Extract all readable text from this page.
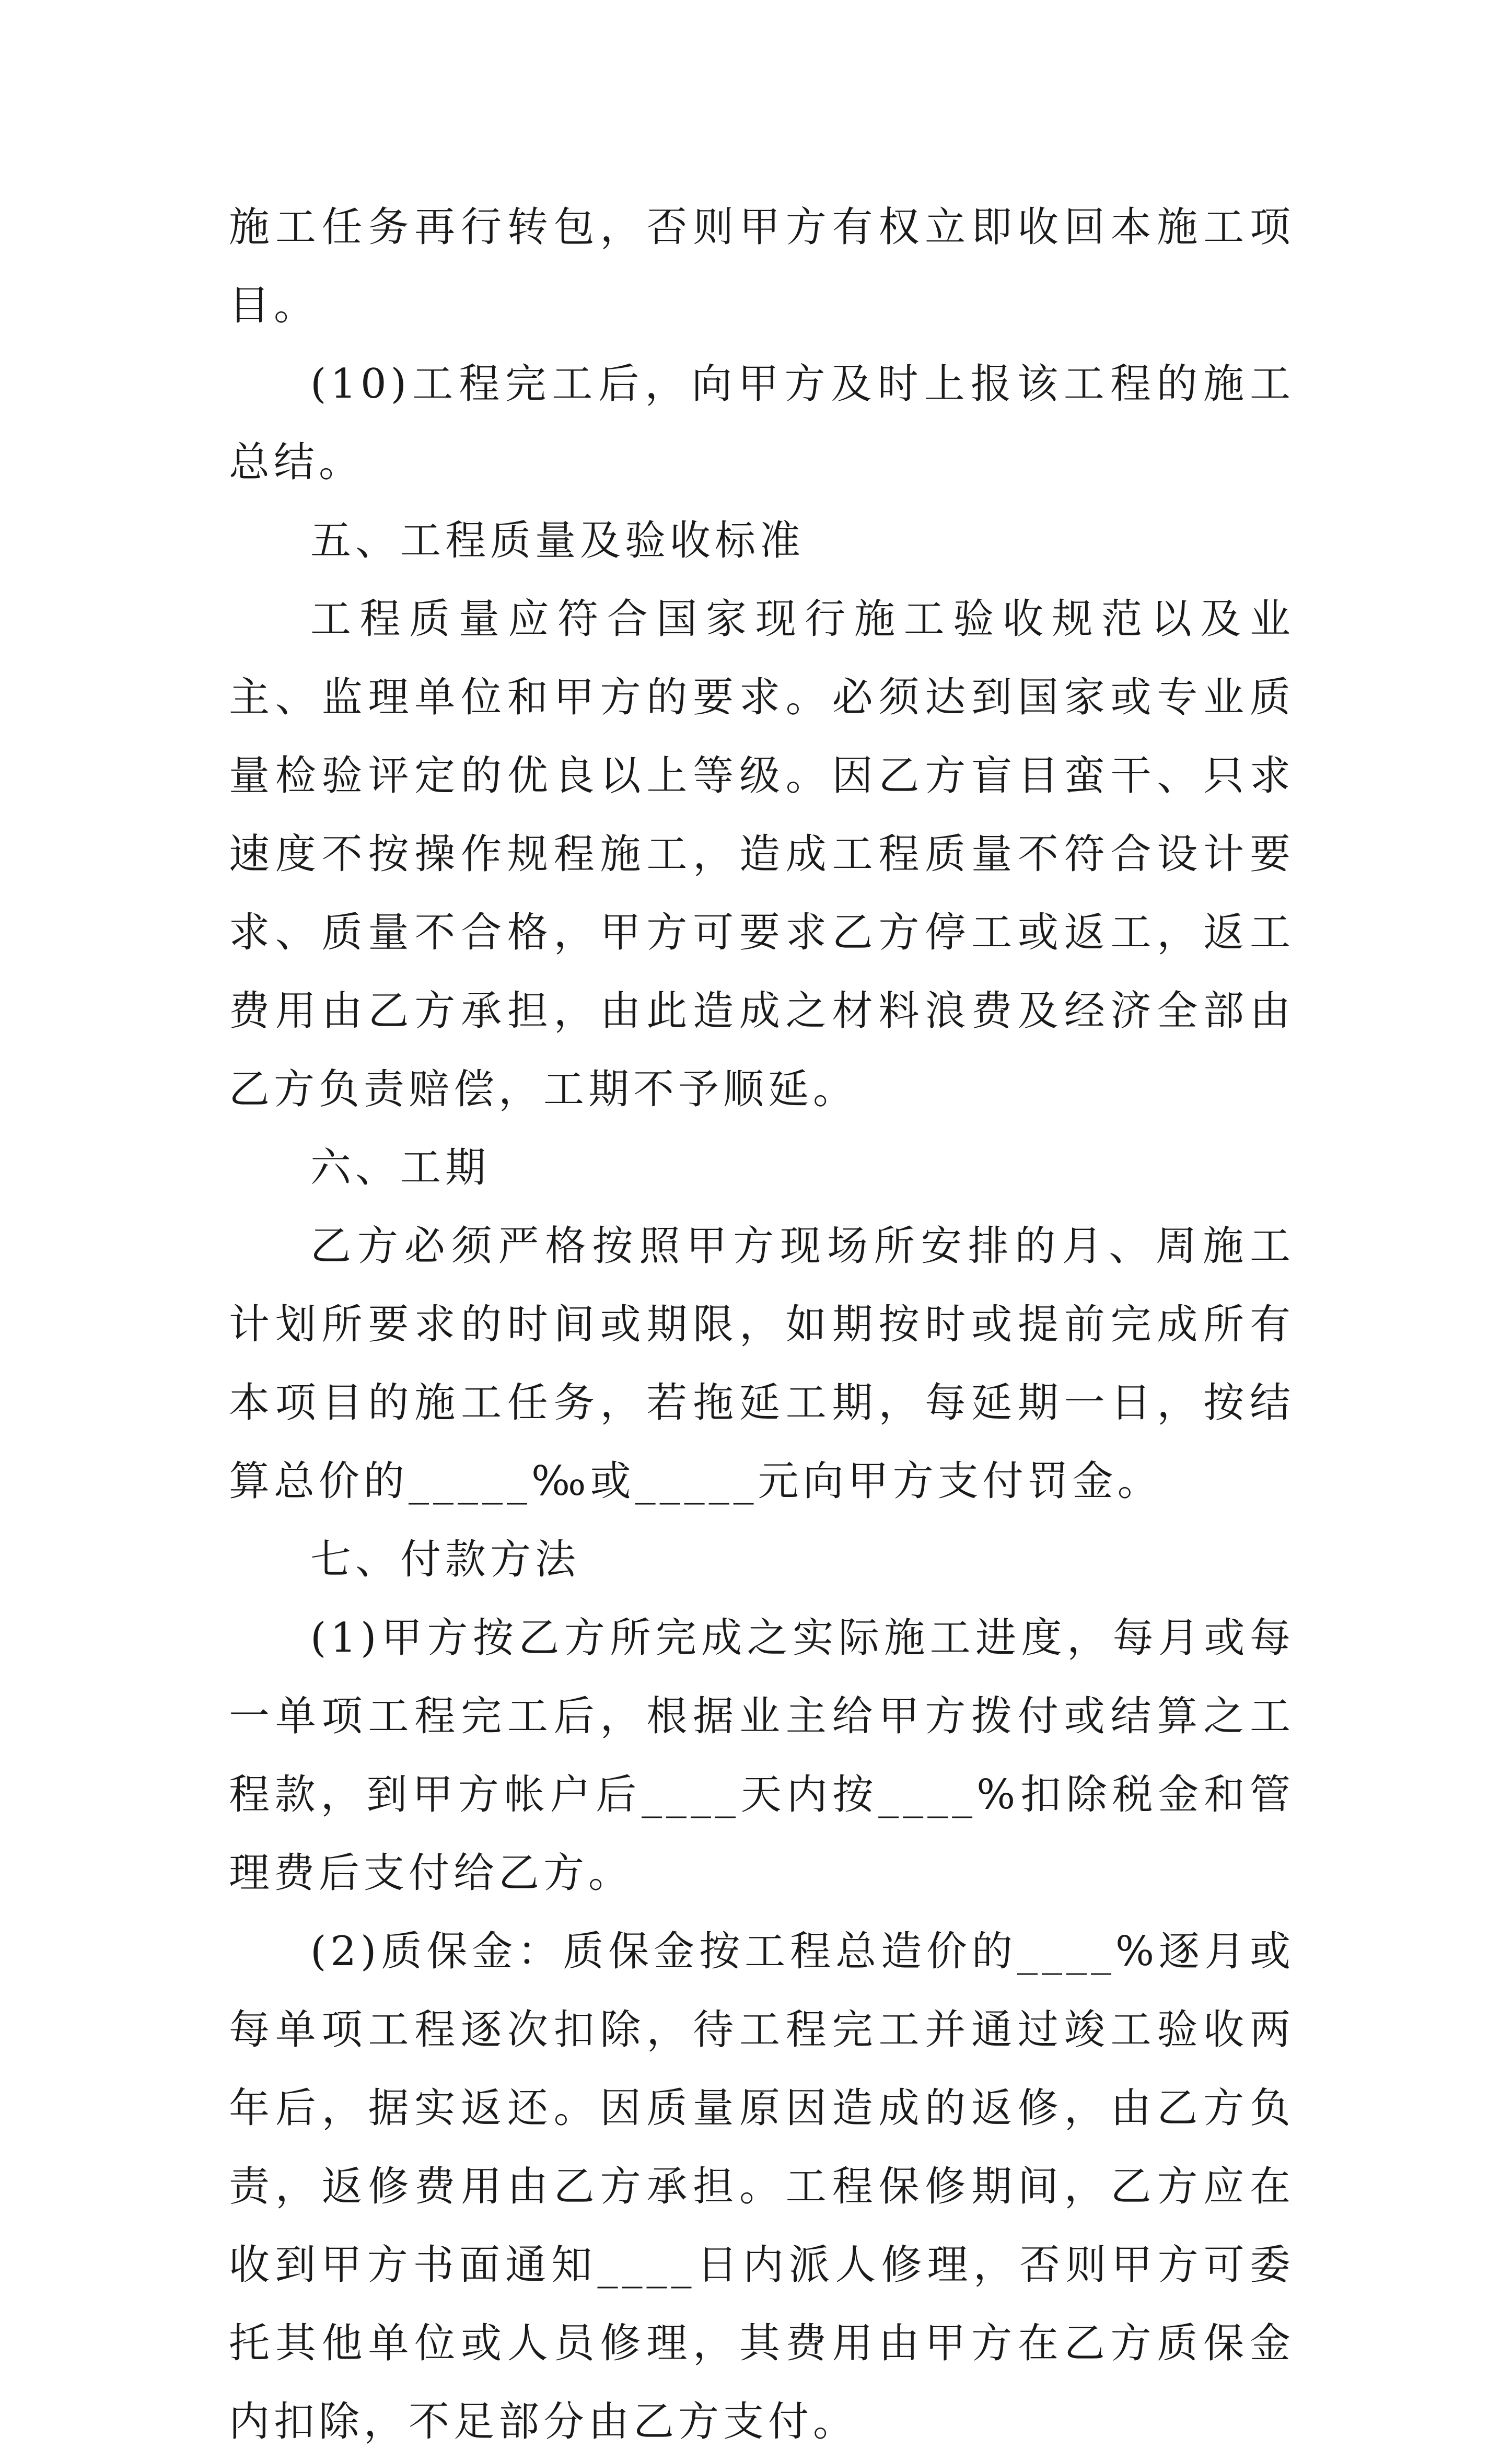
施工任务再行转包，否则甲方有权立即收回本施工项目。

(10)工程完工后，向甲方及时上报该工程的施工总结。

五、工程质量及验收标准

工程质量应符合国家现行施工验收规范以及业主、监理单位和甲方的要求。必须达到国家或专业质量检验评定的优良以上等级。因乙方盲目蛮干、只求速度不按操作规程施工，造成工程质量不符合设计要求、质量不合格，甲方可要求乙方停工或返工，返工费用由乙方承担，由此造成之材料浪费及经济全部由乙方负责赔偿，工期不予顺延。

六、工期

乙方必须严格按照甲方现场所安排的月、周施工计划所要求的时间或期限，如期按时或提前完成所有本项目的施工任务，若拖延工期，每延期一日，按结算总价的_____‰或_____元向甲方支付罚金。

七、付款方法

(1)甲方按乙方所完成之实际施工进度，每月或每一单项工程完工后，根据业主给甲方拨付或结算之工程款，到甲方帐户后____天内按____%扣除税金和管理费后支付给乙方。

(2)质保金：质保金按工程总造价的____%逐月或每单项工程逐次扣除，待工程完工并通过竣工验收两年后，据实返还。因质量原因造成的返修，由乙方负责，返修费用由乙方承担。工程保修期间，乙方应在收到甲方书面通知____日内派人修理，否则甲方可委托其他单位或人员修理，其费用由甲方在乙方质保金内扣除，不足部分由乙方支付。
